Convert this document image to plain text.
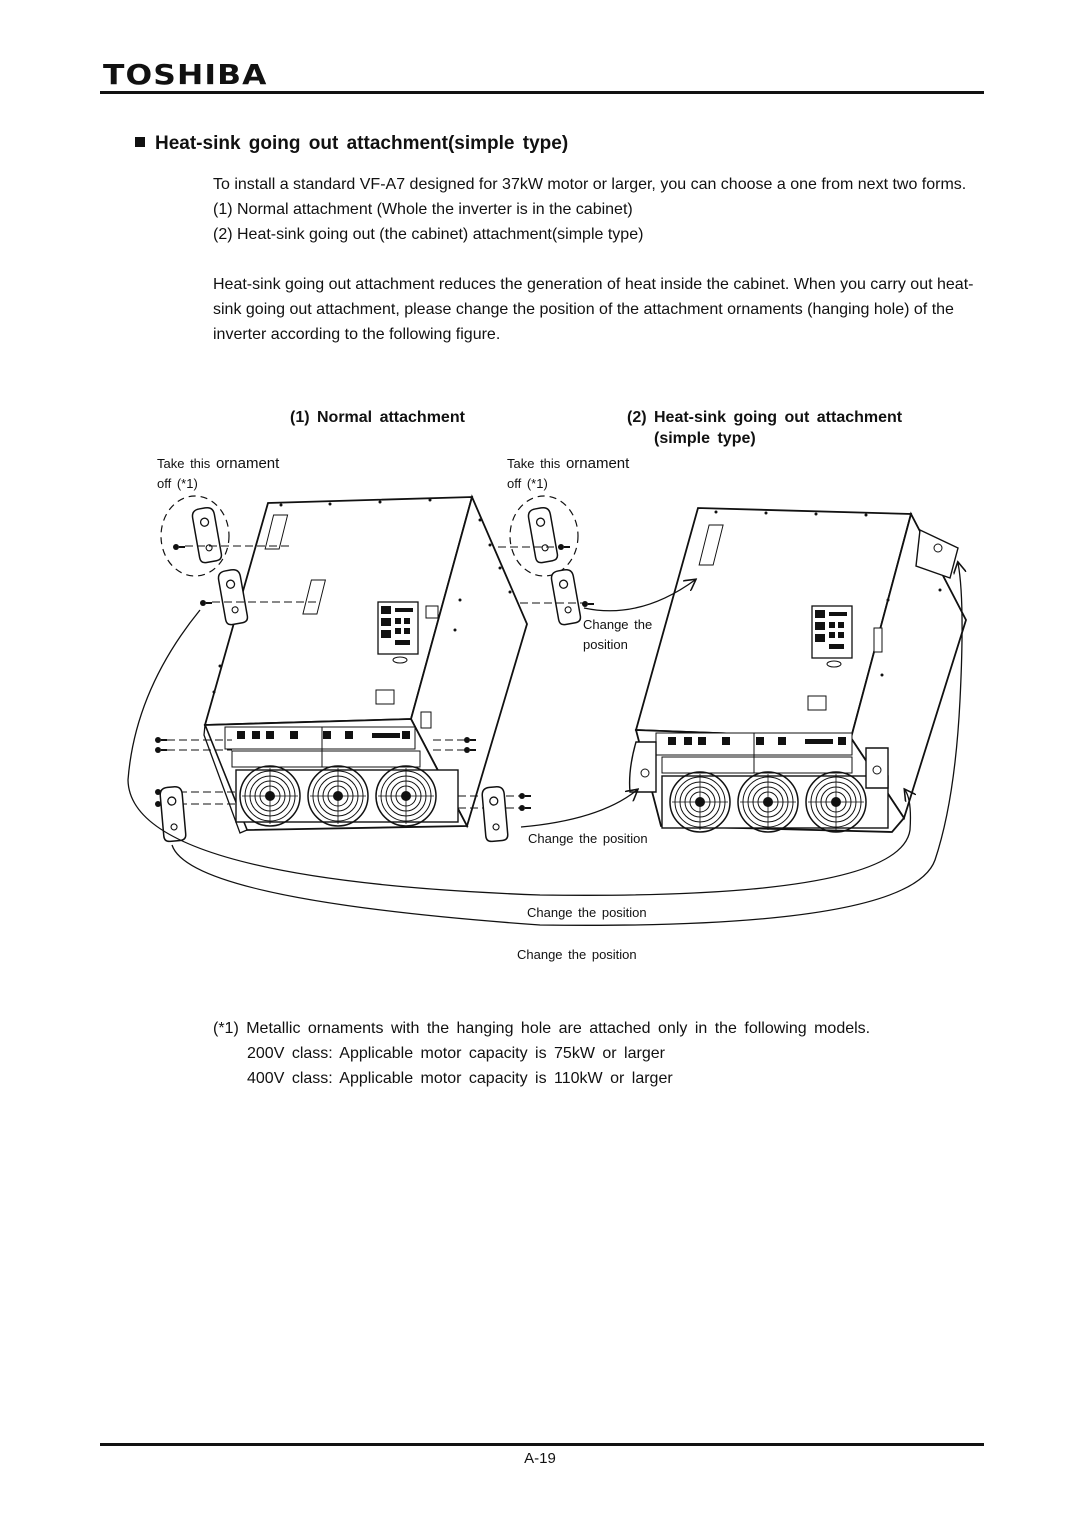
TOSHIBA
Heat-sink going out attachment(simple type)

To install a standard VF-A7 designed for 37kW motor or larger, you can choose a one from next two forms.

(1) Normal attachment (Whole the inverter is in the cabinet)

(2) Heat-sink going out (the cabinet) attachment(simple type)

Heat-sink going out attachment reduces the generation of heat inside the cabinet. When you carry out heat-sink going out attachment, please change the position of the attachment ornaments (hanging hole) of the inverter according to the following figure.

(1) Normal attachment	(2) Heat-sink going out attachment
(simple type)
Take this ornament
off (*1)
Take this ornament
off (*1)
Change the
position
Change the position
Change the position
Change the position

(*1) Metallic ornaments with the hanging hole are attached only in the following models.

200V class: Applicable motor capacity is 75kW or larger

400V class: Applicable motor capacity is 110kW or larger

A-19
